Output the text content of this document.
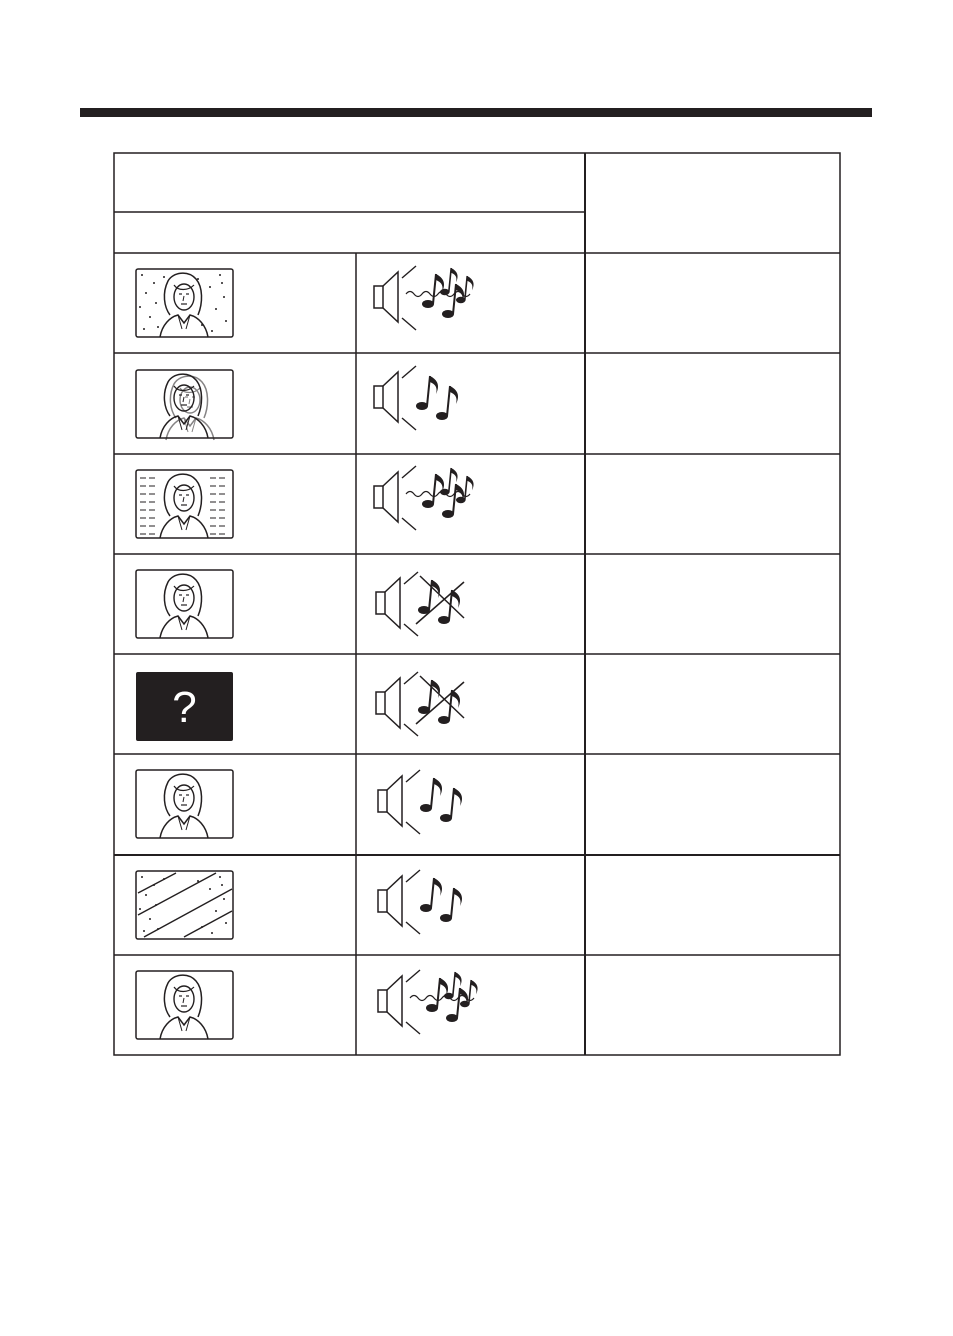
?
